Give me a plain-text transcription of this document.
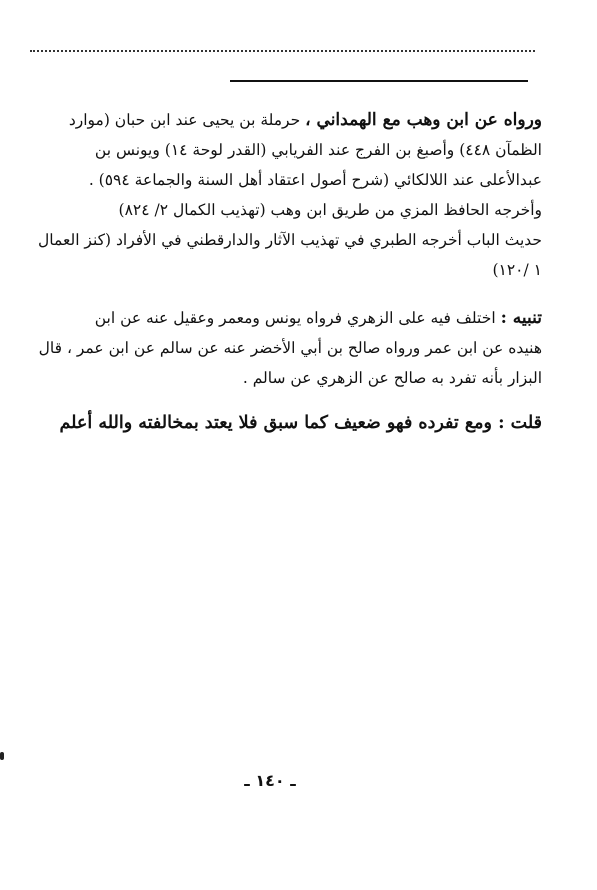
ورواه عن ابن وهب مع الهمداني ، حرملة بن يحيى عند ابن حبان (موارد
الظمآن ٤٤٨) وأصبغ بن الفرج عند الفريابي (القدر لوحة ١٤) ويونس بن
عبدالأعلى عند اللالكائي (شرح أصول اعتقاد أهل السنة والجماعة ٥٩٤) .
وأخرجه الحافظ المزي من طريق ابن وهب (تهذيب الكمال ٢/ ٨٢٤)
حديث الباب أخرجه الطبري في تهذيب الآثار والدارقطني في الأفراد (كنز العمال
١ /١٢٠)
تنبيه : اختلف فيه على الزهري فرواه يونس ومعمر وعقيل عنه عن ابن
هنيده عن ابن عمر ورواه صالح بن أبي الأخضر عنه عن سالم عن ابن عمر ، قال
البزار بأنه تفرد به صالح عن الزهري عن سالم .
قلت : ومع تفرده فهو ضعيف كما سبق فلا يعتد بمخالفته والله أعلم
ـ ١٤٠ ـ
